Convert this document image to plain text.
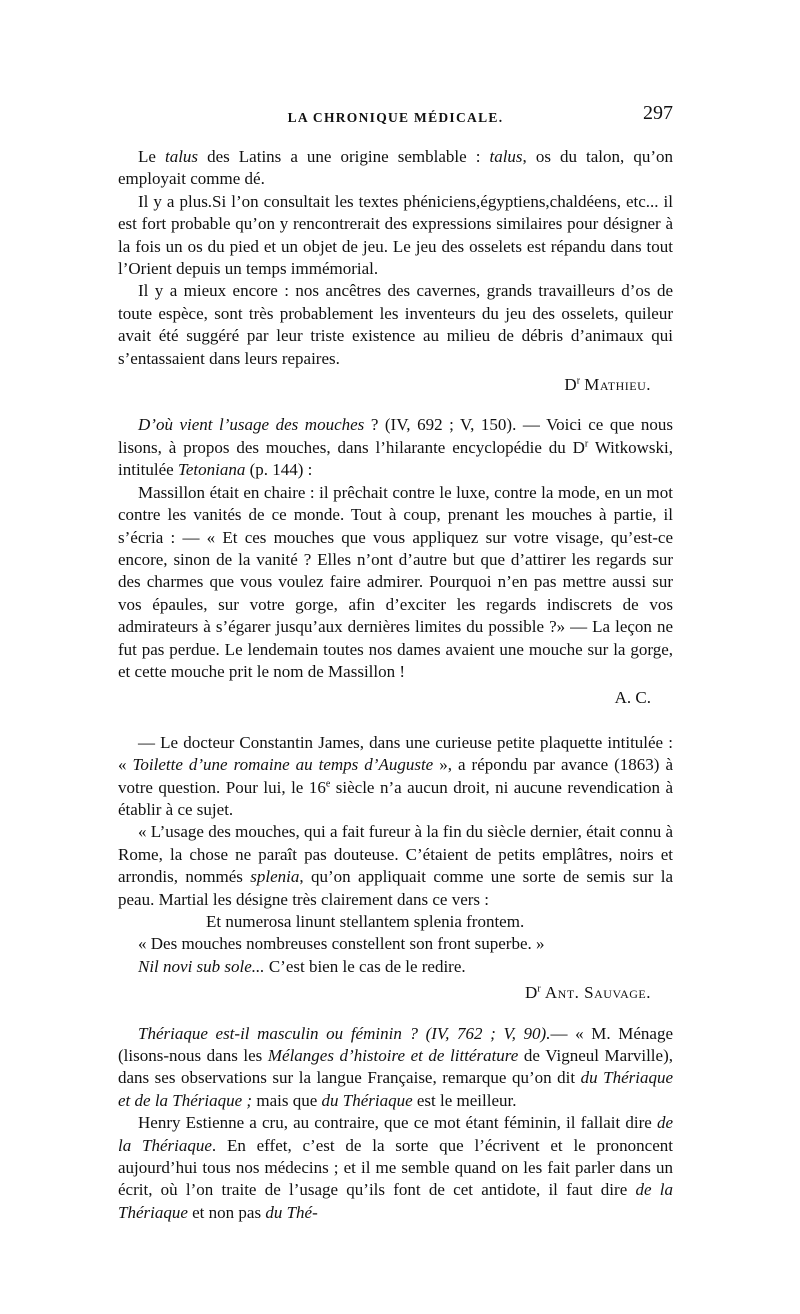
LA CHRONIQUE MÉDICALE.	297

Le talus des Latins a une origine semblable : talus, os du talon, qu’on employait comme dé.

Il y a plus.Si l’on consultait les textes phéniciens,égyptiens,chaldéens, etc... il est fort probable qu’on y rencontrerait des expressions similaires pour désigner à la fois un os du pied et un objet de jeu. Le jeu des osselets est répandu dans tout l’Orient depuis un temps immémorial.

Il y a mieux encore : nos ancêtres des cavernes, grands travailleurs d’os de toute espèce, sont très probablement les inventeurs du jeu des osselets, quileur avait été suggéré par leur triste existence au milieu de débris d’animaux qui s’entassaient dans leurs repaires.

$D^r$ Mathieu.

D’où vient l’usage des mouches ? (IV, 692 ; V, 150). — Voici ce que nous lisons, à propos des mouches, dans l’hilarante encyclopédie du $D^r$ Witkowski, intitulée Tetoniana (p. 144) :

Massillon était en chaire : il prêchait contre le luxe, contre la mode, en un mot contre les vanités de ce monde. Tout à coup, prenant les mouches à partie, il s’écria : — « Et ces mouches que vous appliquez sur votre visage, qu’est-ce encore, sinon de la vanité ? Elles n’ont d’autre but que d’attirer les regards sur des charmes que vous voulez faire admirer. Pourquoi n’en pas mettre aussi sur vos épaules, sur votre gorge, afin d’exciter les regards indiscrets de vos admirateurs à s’égarer jusqu’aux dernières limites du possible ?» — La leçon ne fut pas perdue. Le lendemain toutes nos dames avaient une mouche sur la gorge, et cette mouche prit le nom de Massillon !

A. C.

— Le docteur Constantin James, dans une curieuse petite plaquette intitulée : « Toilette d’une romaine au temps d’Auguste », a répondu par avance (1863) à votre question. Pour lui, le 16e siècle n’a aucun droit, ni aucune revendication à établir à ce sujet.

« L’usage des mouches, qui a fait fureur à la fin du siècle dernier, était connu à Rome, la chose ne paraît pas douteuse. C’étaient de petits emplâtres, noirs et arrondis, nommés splenia, qu’on appliquait comme une sorte de semis sur la peau. Martial les désigne très clairement dans ce vers :

Et numerosa linunt stellantem splenia frontem.

« Des mouches nombreuses constellent son front superbe. »

Nil novi sub sole... C’est bien le cas de le redire.

$D^r$ Ant. Sauvage.

Thériaque est-il masculin ou féminin ? (IV, 762 ; V, 90).— « M. Ménage (lisons-nous dans les Mélanges d’histoire et de littérature de Vigneul Marville), dans ses observations sur la langue Française, remarque qu’on dit du Thériaque et de la Thériaque ; mais que du Thériaque est le meilleur.

Henry Estienne a cru, au contraire, que ce mot étant féminin, il fallait dire de la Thériaque. En effet, c’est de la sorte que l’écrivent et le prononcent aujourd’hui tous nos médecins ; et il me semble quand on les fait parler dans un écrit, où l’on traite de l’usage qu’ils font de cet antidote, il faut dire de la Thériaque et non pas du Thé-
